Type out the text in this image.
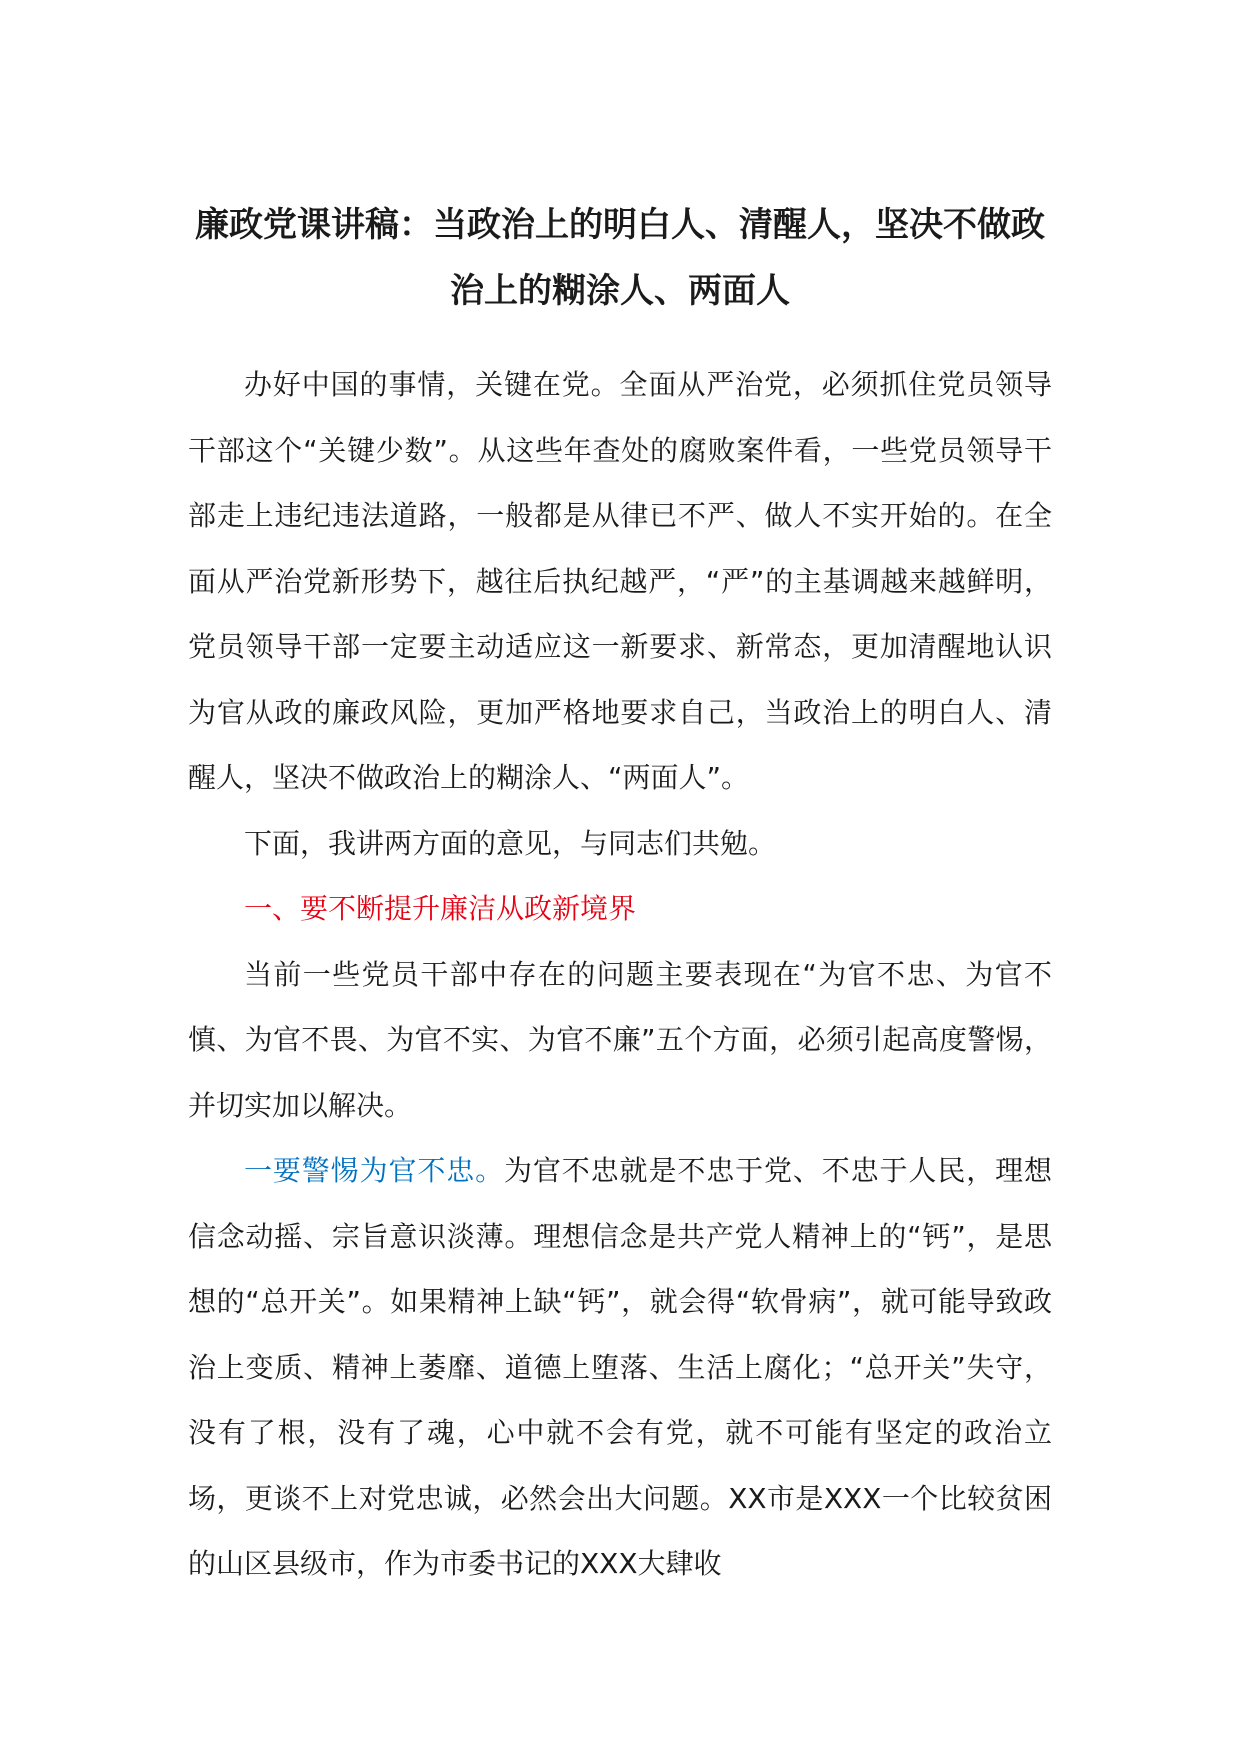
廉政党课讲稿：当政治上的明白人、清醒人，坚决不做政治上的糊涂人、两面人

办好中国的事情，关键在党。全面从严治党，必须抓住党员领导干部这个“关键少数”。从这些年查处的腐败案件看，一些党员领导干部走上违纪违法道路，一般都是从律已不严、做人不实开始的。在全面从严治党新形势下，越往后执纪越严，“严”的主基调越来越鲜明，党员领导干部一定要主动适应这一新要求、新常态，更加清醒地认识为官从政的廉政风险，更加严格地要求自己，当政治上的明白人、清醒人，坚决不做政治上的糊涂人、“两面人”。

下面，我讲两方面的意见，与同志们共勉。

一、要不断提升廉洁从政新境界

当前一些党员干部中存在的问题主要表现在“为官不忠、为官不慎、为官不畏、为官不实、为官不廉”五个方面，必须引起高度警惕，并切实加以解决。

一要警惕为官不忠。为官不忠就是不忠于党、不忠于人民，理想信念动摇、宗旨意识淡薄。理想信念是共产党人精神上的“钙”，是思想的“总开关”。如果精神上缺“钙”，就会得“软骨病”，就可能导致政治上变质、精神上萎靡、道德上堕落、生活上腐化；“总开关”失守，没有了根，没有了魂，心中就不会有党，就不可能有坚定的政治立场，更谈不上对党忠诚，必然会出大问题。XX市是XXX一个比较贫困的山区县级市，作为市委书记的XXX大肆收
